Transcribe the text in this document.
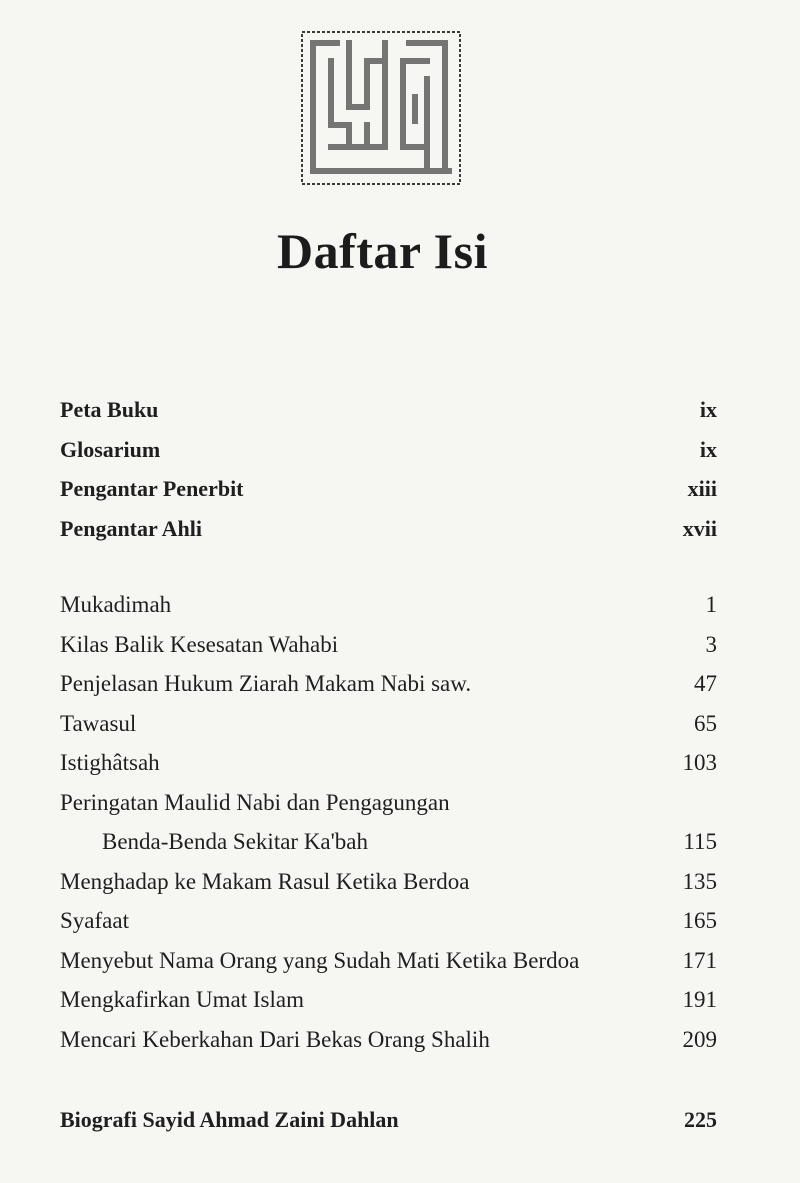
Daftar Isi
Peta Buku	ix
Glosarium	ix
Pengantar Penerbit	xiii
Pengantar Ahli	xvii
Mukadimah	1
Kilas Balik Kesesatan Wahabi	3
Penjelasan Hukum Ziarah Makam Nabi saw.	47
Tawasul	65
Istighâtsah	103
Peringatan Maulid Nabi dan Pengagungan
Benda-Benda Sekitar Ka'bah	115
Menghadap ke Makam Rasul Ketika Berdoa	135
Syafaat	165
Menyebut Nama Orang yang Sudah Mati Ketika Berdoa	171
Mengkafirkan Umat Islam	191
Mencari Keberkahan Dari Bekas Orang Shalih	209
Biografi Sayid Ahmad Zaini Dahlan	225
